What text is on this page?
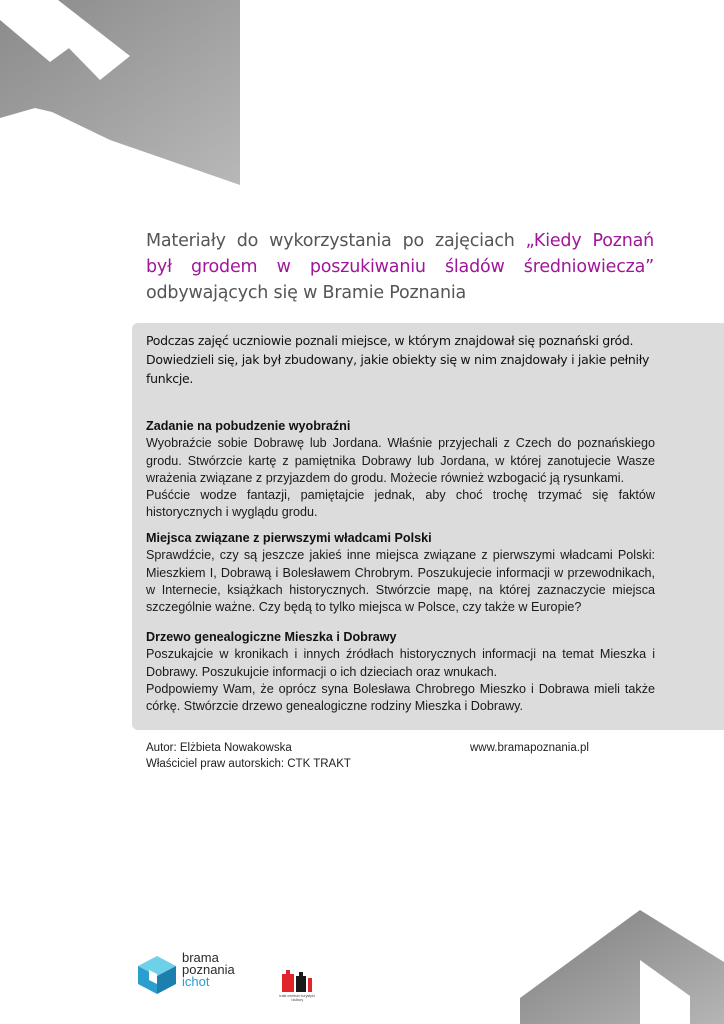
Materiały do wykorzystania po zajęciach „Kiedy Poznań
był grodem w poszukiwaniu śladów średniowiecza”
odbywających się w Bramie Poznania
Podczas zajęć uczniowie poznali miejsce, w którym znajdował się poznański gród. Dowiedzieli się, jak był zbudowany, jakie obiekty się w nim znajdowały i jakie pełniły funkcje.
Zadanie na pobudzenie wyobraźni

Wyobraźcie sobie Dobrawę lub Jordana. Właśnie przyjechali z Czech do poznańskiego grodu. Stwórzcie kartę z pamiętnika Dobrawy lub Jordana, w której zanotujecie Wasze wrażenia związane z przyjazdem do grodu. Możecie również wzbogacić ją rysunkami.

Puśćcie wodze fantazji, pamiętajcie jednak, aby choć trochę trzymać się faktów historycznych i wyglądu grodu.

Miejsca związane z pierwszymi władcami Polski

Sprawdźcie, czy są jeszcze jakieś inne miejsca związane z pierwszymi władcami Polski: Mieszkiem I, Dobrawą i Bolesławem Chrobrym. Poszukujecie informacji w przewodnikach, w Internecie, książkach historycznych. Stwórzcie mapę, na której zaznaczycie miejsca szczególnie ważne. Czy będą to tylko miejsca w Polsce, czy także w Europie?

Drzewo genealogiczne Mieszka i Dobrawy

Poszukajcie w kronikach i innych źródłach historycznych informacji na temat Mieszka i Dobrawy. Poszukujcie informacji o ich dzieciach oraz wnukach.

Podpowiemy Wam, że oprócz syna Bolesława Chrobrego Mieszko i Dobrawa mieli także córkę. Stwórzcie drzewo genealogiczne rodziny Mieszka i Dobrawy.

Autor: Elżbieta Nowakowska
Właściciel praw autorskich: CTK TRAKT
www.bramapoznania.pl
brama
poznania
ichot
trakt centrum turystyki
i kultury
